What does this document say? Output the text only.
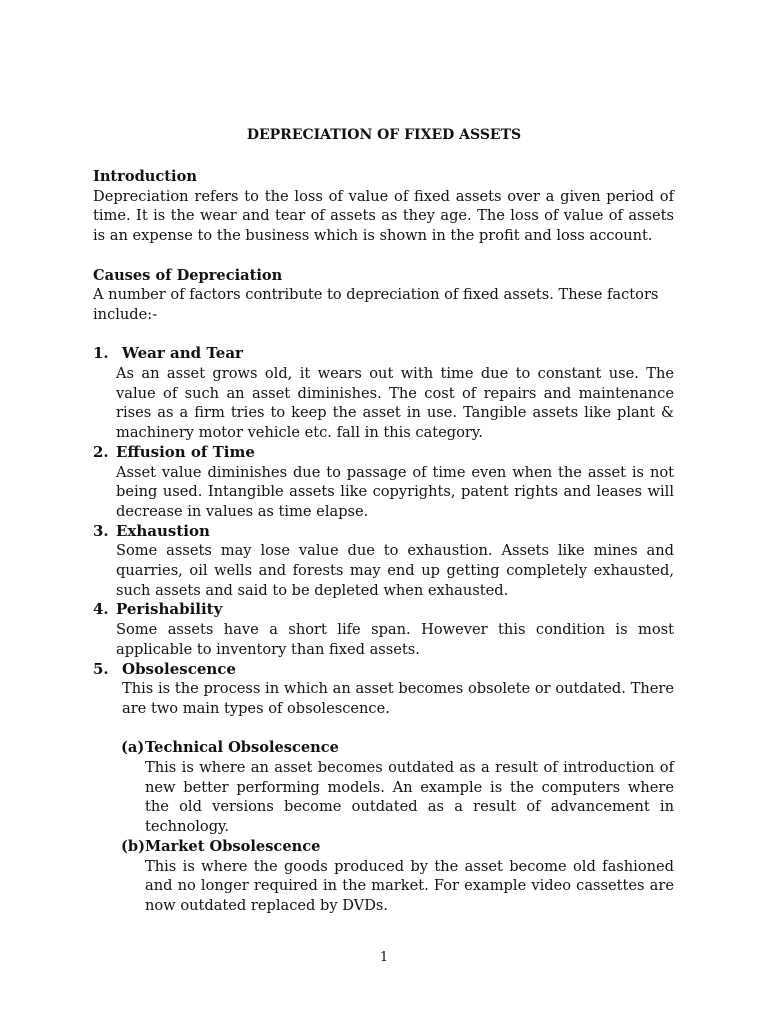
DEPRECIATION OF FIXED ASSETS
Introduction
Depreciation refers to the loss of value of fixed assets over a given period of time. It is the wear and tear of assets as they age. The loss of value of assets is an expense to the business which is shown in the profit and loss account.
Causes of Depreciation
A number of factors contribute to depreciation of fixed assets. These factors include:-
1. Wear and Tear
As an asset grows old, it wears out with time due to constant use. The value of such an asset diminishes. The cost of repairs and maintenance rises as a firm tries to keep the asset in use. Tangible assets like plant & machinery motor vehicle etc. fall in this category.
2. Effusion of Time
Asset value diminishes due to passage of time even when the asset is not being used. Intangible assets like copyrights, patent rights and leases will decrease in values as time elapse.
3. Exhaustion
Some assets may lose value due to exhaustion. Assets like mines and quarries, oil wells and forests may end up getting completely exhausted, such assets and said to be depleted when exhausted.
4. Perishability
Some assets have a short life span. However this condition is most applicable to inventory than fixed assets.
5. Obsolescence
This is the process in which an asset becomes obsolete or outdated. There are two main types of obsolescence.
(a) Technical Obsolescence
This is where an asset becomes outdated as a result of introduction of new better performing models. An example is the computers where the old versions become outdated as a result of advancement in technology.
(b) Market Obsolescence
This is where the goods produced by the asset become old fashioned and no longer required in the market. For example video cassettes are now outdated replaced by DVDs.
1
